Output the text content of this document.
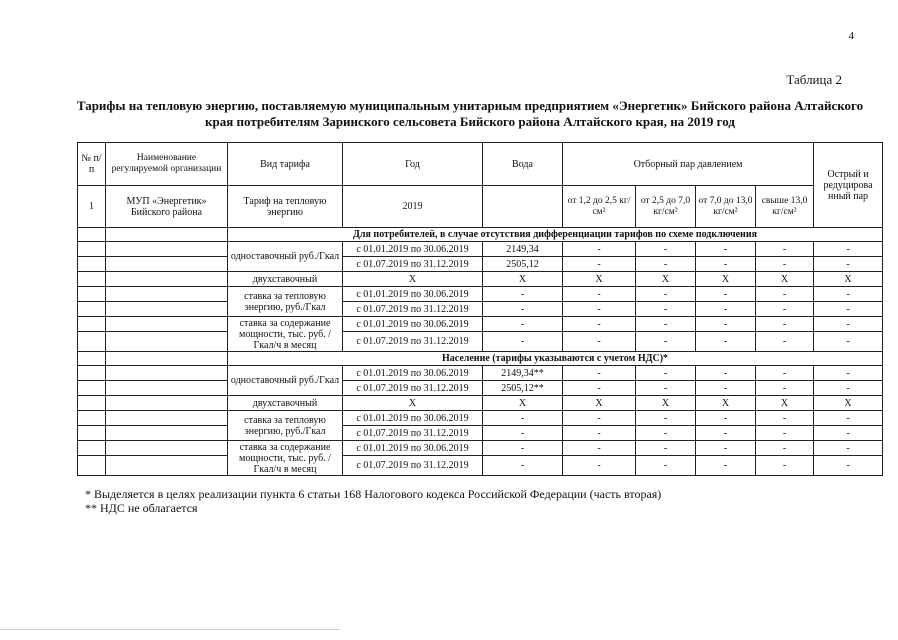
4
Таблица 2
Тарифы на тепловую энергию, поставляемую муниципальным унитарным предприятием «Энергетик» Бийского района Алтайского
края потребителям Заринского сельсовета Бийского района Алтайского края, на 2019 год
№ п/п	Наименование регулируемой организации	Вид тарифа	Год	Вода	Отборный пар давлением				Острый и редуцирова нный пар
1	МУП «Энергетик» Бийского района	Тариф на тепловую энергию	2019		от 1,2 до 2,5 кг/см²	от 2,5 до 7,0 кг/см²	от 7,0 до 13,0 кг/см²	свыше 13,0 кг/см²	
		Для потребителей, в случае отсутствия дифференциации тарифов по схеме подключения							
		одноставочный руб./Гкал	с 01.01.2019 по 30.06.2019	2149,34	-	-	-	-	-
			с 01.07.2019 по 31.12.2019	2505,12	-	-	-	-	-
		двухставочный	X	X	X	X	X	X	X
		ставка за тепловую энергию, руб./Гкал	с 01.01.2019 по 30.06.2019	-	-	-	-	-	-
			с 01.07.2019 по 31.12.2019	-	-	-	-	-	-
		ставка за содержание мощности, тыс. руб. /Гкал/ч в месяц	с 01.01.2019 по 30.06.2019	-	-	-	-	-	-
			с 01.07.2019 по 31.12.2019	-	-	-	-	-	-
		Население (тарифы указываются с учетом НДС)*							
		одноставочный руб./Гкал	с 01.01.2019 по 30.06.2019	2149,34**	-	-	-	-	-
			с 01.07.2019 по 31.12.2019	2505,12**	-	-	-	-	-
		двухставочный	X	X	X	X	X	X	X
		ставка за тепловую энергию, руб./Гкал	с 01.01.2019 по 30.06.2019	-	-	-	-	-	-
			с 01.07.2019 по 31.12.2019	-	-	-	-	-	-
		ставка за содержание мощности, тыс. руб. /Гкал/ч в месяц	с 01.01.2019 по 30.06.2019	-	-	-	-	-	-
			с 01.07.2019 по 31.12.2019	-	-	-	-	-	-
* Выделяется в целях реализации пункта 6 статьи 168 Налогового кодекса Российской Федерации (часть вторая)
** НДС не облагается
